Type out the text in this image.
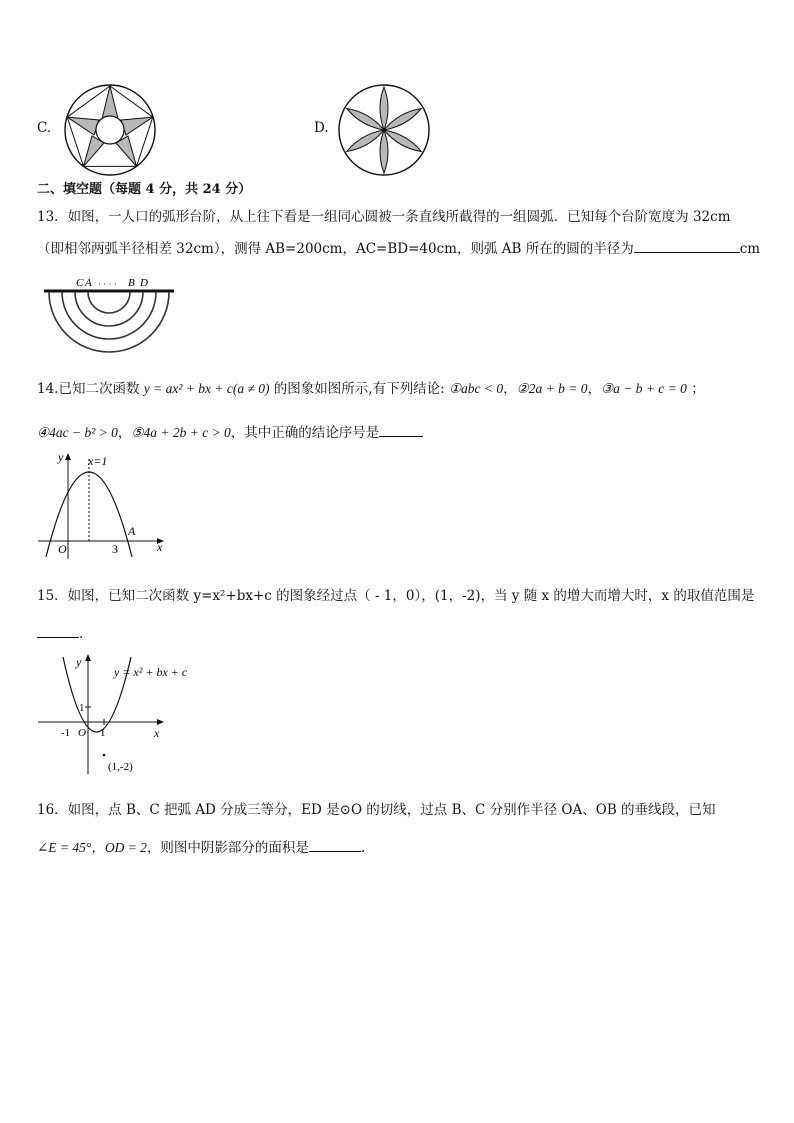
C.	D.
二、填空题（每题 4 分，共 24 分）
13．如图，一人口的弧形台阶，从上往下看是一组同心圆被一条直线所截得的一组圆弧．已知每个台阶宽度为 32cm
（即相邻两弧半径相差 32cm），测得 AB=200cm，AC=BD=40cm，则弧 AB 所在的圆的半径为	cm
C A · · · · B D
14.已知二次函数 y = ax² + bx + c(a ≠ 0) 的图象如图所示,有下列结论: ①abc < 0，②2a + b = 0，③a − b + c = 0 ；
④4ac − b² > 0，⑤4a + 2b + c > 0，其中正确的结论序号是
y x=1
O	3
A
x
15．如图，已知二次函数 y=x²+bx+c 的图象经过点（ - 1，0），(1，-2)，当 y 随 x 的增大而增大时，x 的取值范围是
.
y
y = x² + bx + c
1
-1 O 1	x
(1,-2)
16．如图，点 B、C 把弧 AD 分成三等分，ED 是⊙O 的切线，过点 B、C 分别作半径 OA、OB 的垂线段，已知
∠E = 45°，OD = 2，则图中阴影部分的面积是	.
